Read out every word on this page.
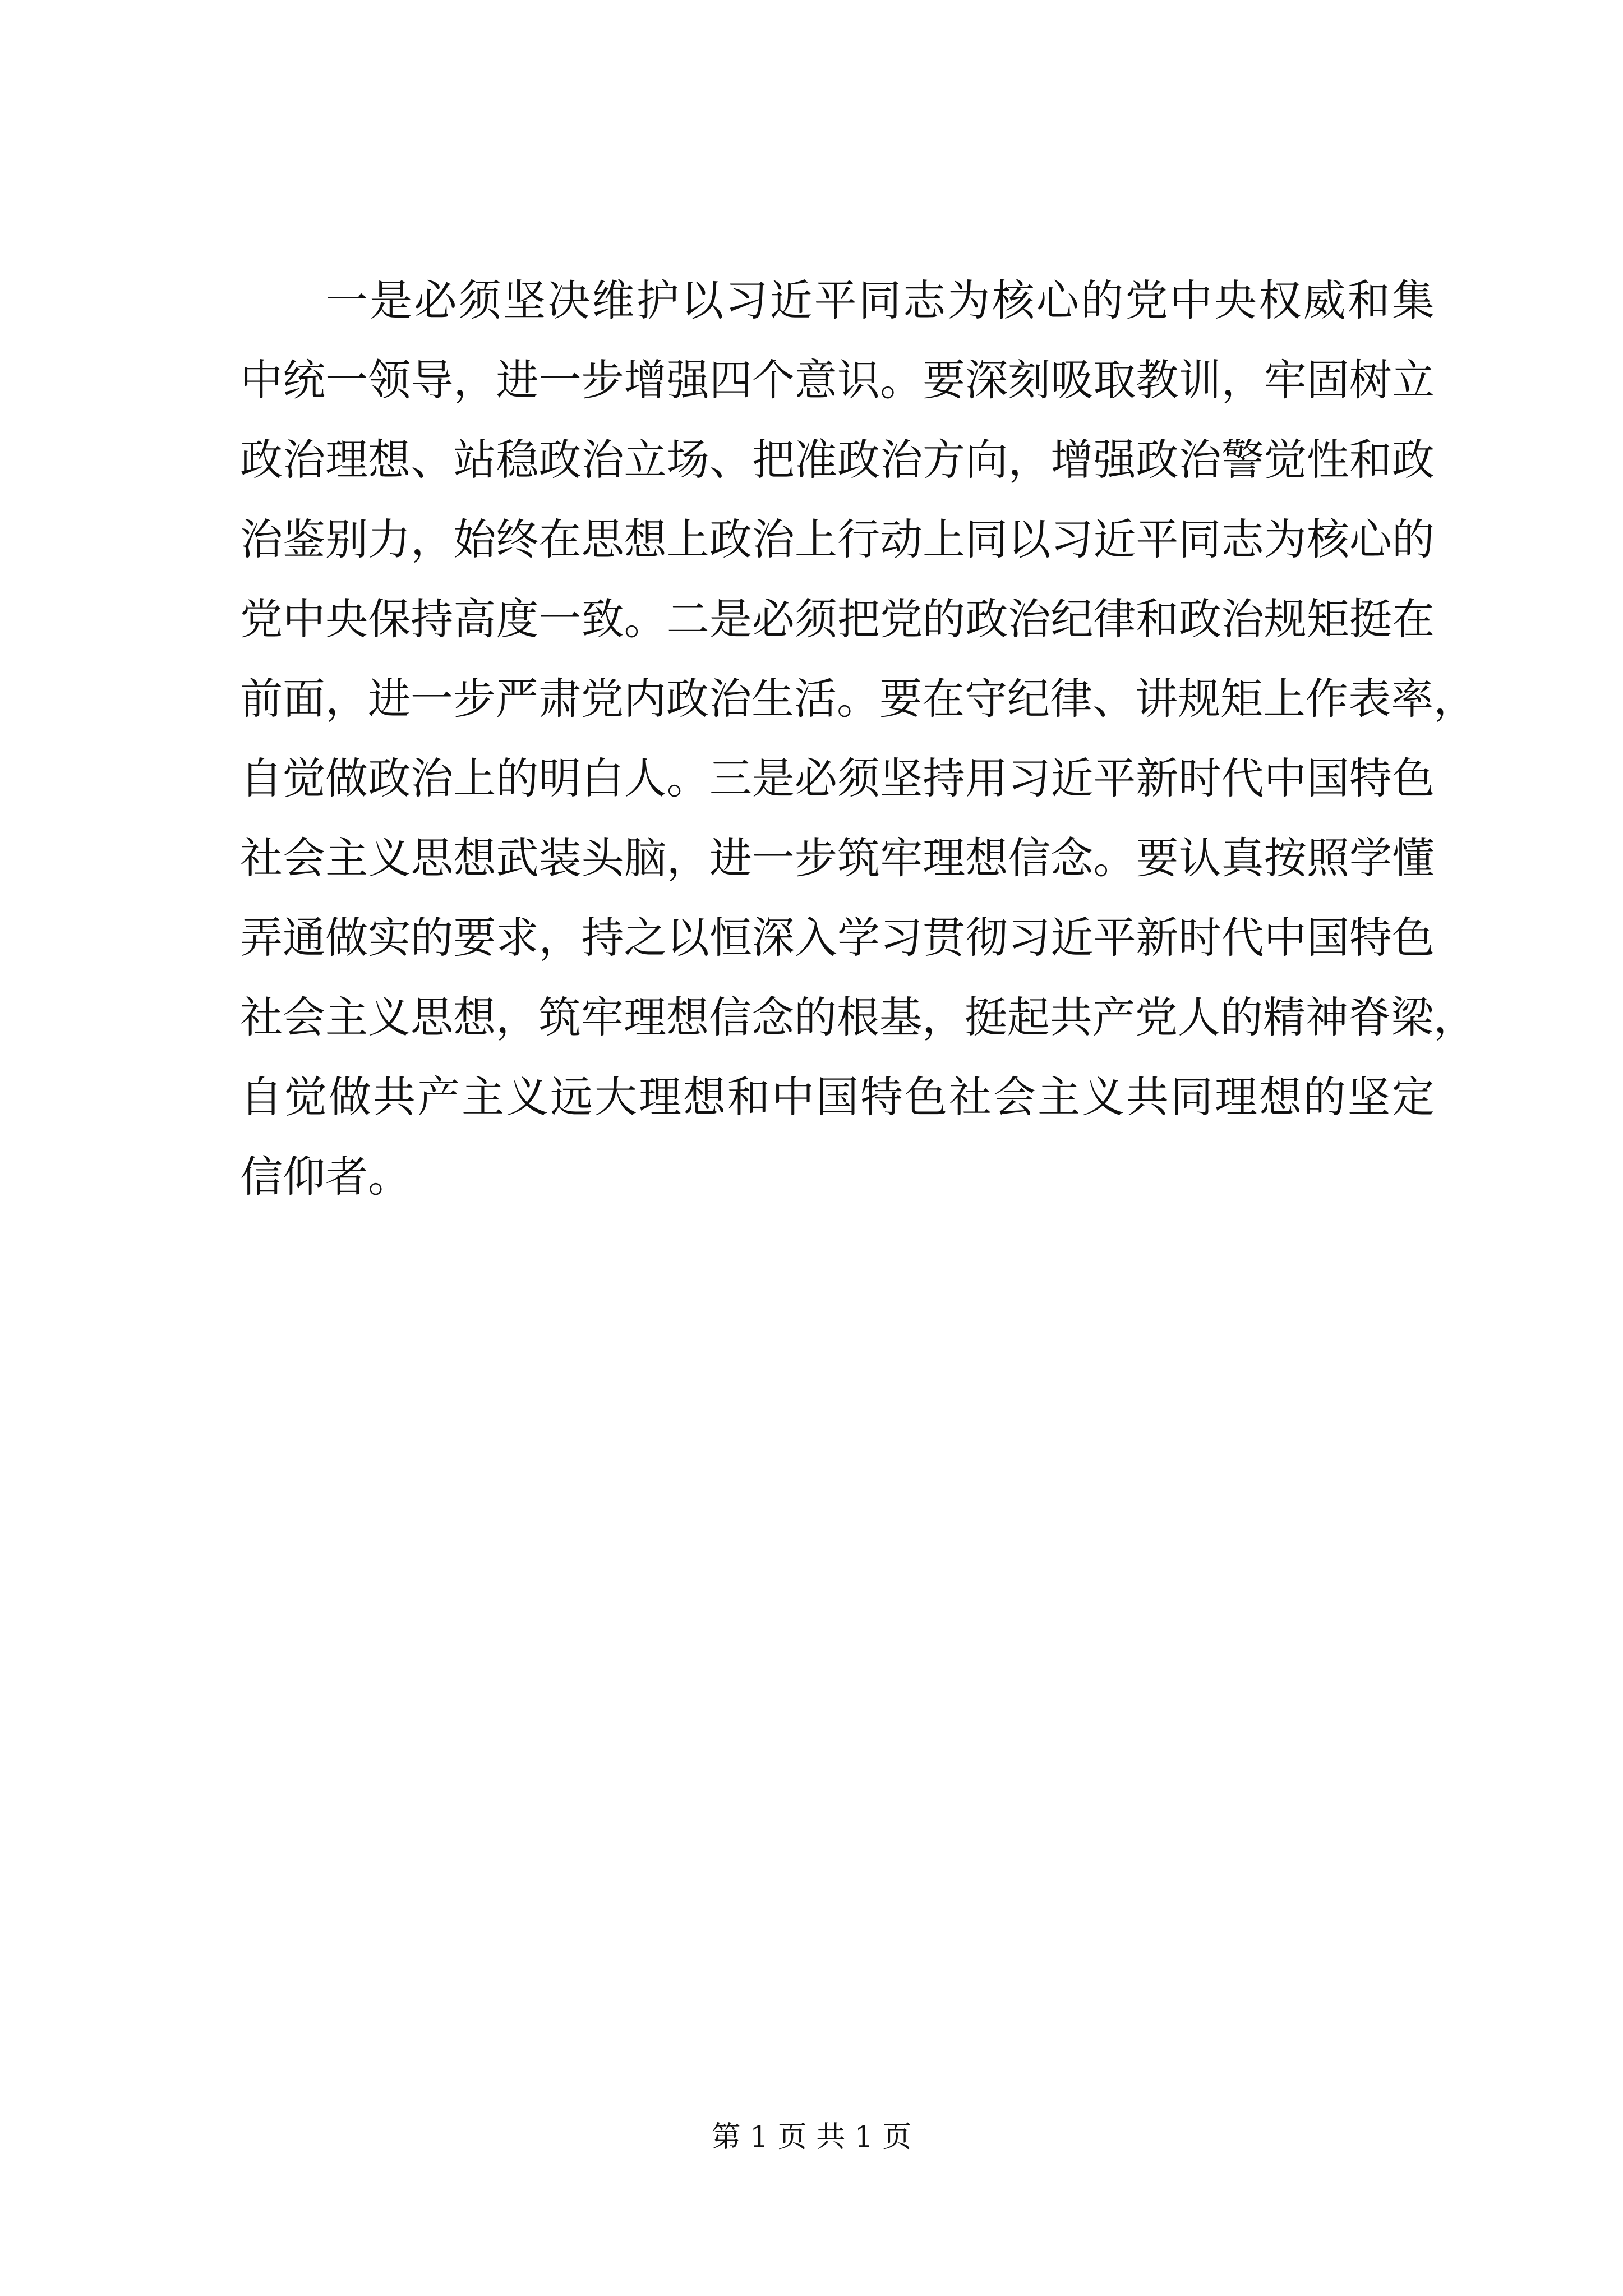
一是必须坚决维护以习近平同志为核心的党中央权威和集
中统一领导，进一步增强四个意识。要深刻吸取教训，牢固树立
政治理想、站稳政治立场、把准政治方向，增强政治警觉性和政
治鉴别力，始终在思想上政治上行动上同以习近平同志为核心的
党中央保持高度一致。二是必须把党的政治纪律和政治规矩挺在
前面，进一步严肃党内政治生活。要在守纪律、讲规矩上作表率，
自觉做政治上的明白人。三是必须坚持用习近平新时代中国特色
社会主义思想武装头脑，进一步筑牢理想信念。要认真按照学懂
弄通做实的要求，持之以恒深入学习贯彻习近平新时代中国特色
社会主义思想，筑牢理想信念的根基，挺起共产党人的精神脊梁，
自觉做共产主义远大理想和中国特色社会主义共同理想的坚定
信仰者。
第 1 页 共 1 页
